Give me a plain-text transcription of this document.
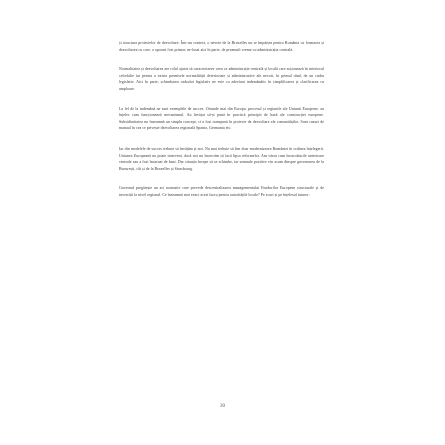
și structura proiectelor de dezvoltare. Într-un context, o nevoie de la Bruxelles nu se împărțea pentru România cu formarea și dezvoltarea cu care, o sporuri fost primar, ne-lasat aici în parte, de preamult vreme cu administrația centrală.

Normalitatea și dezvoltarea are rolul ajutat să caracterizeze ceea ce administrație centrală și locală care acționează în interiorul celorlalte iar pentru a exista premisele normalității deterioriate și administrative ale nevoii, în primul rând, de un cadru legislativ. Aici în parte, schimbarea cadrului legislativ ne este cu adevărat indemânătic în simplificarea și clarificarea cu amploare.

La fel de la indemână ne sunt exemplele de succes. Oriunde mai din Europa, procesul și regiunile ale Uniunii Europene, au înțeles cum funcționează mecanismul. Au învățat să-și pună în practică principii de bază ale construcției europene. Subsidiaritatea nu înseamnă un simplu concept, ci a fost transpusă în proiecte de dezvoltare ale comunităților. Sunt cazuri de manual în cea ce privește dezvoltarea regională Spania, Germania etc.

Iar din modelele de succes trebuie să învățăm și noi. Nu mai trebuie să fim doar modernizarea României în ordinea înțelegerii. Uniunea Europeană nu poate interveni, dacă noi nu încercăm să facă lipsa reformelor. Am văzut cum încurcăturile anterioare centrale sau a fost încarnat de bani. Dar situația începe să se schimbe, iar semnale pozitive vin acum dinspre guvernarea de la București, cât și de la Bruxelles și Strasbourg.

Guvernul pregătește un act normativ care prevede descentralizarea managementului Fondurilor Europene structurale și de investiții la nivel regional. Ce înseamnă mai exact acest lucru pentru autoritățile locale? Pe scurt și pe înțelesul tuturor:

30
